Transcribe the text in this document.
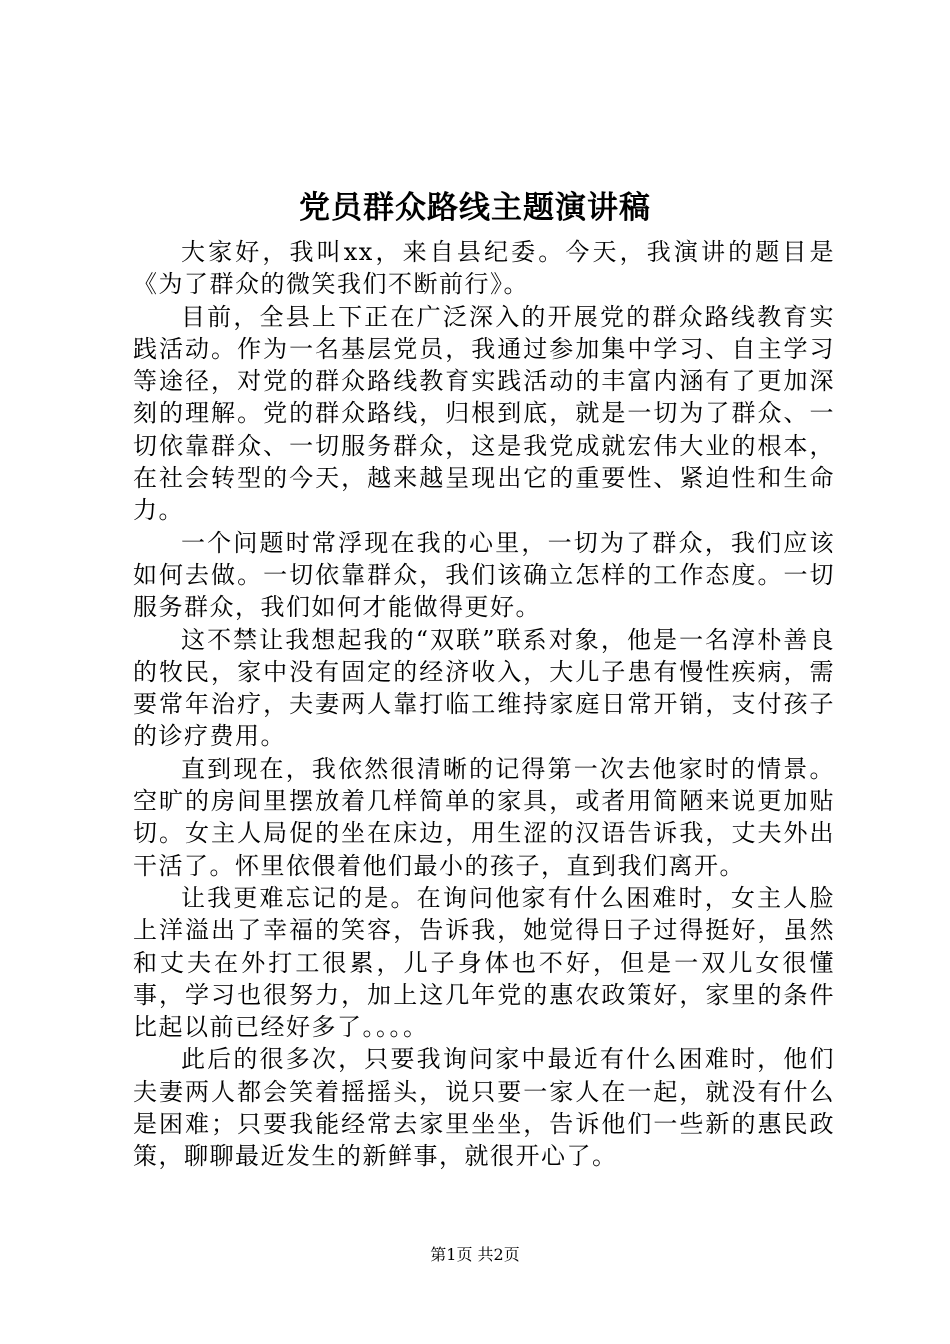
党员群众路线主题演讲稿

大家好，我叫xx，来自县纪委。今天，我演讲的题目是《为了群众的微笑我们不断前行》。

目前，全县上下正在广泛深入的开展党的群众路线教育实践活动。作为一名基层党员，我通过参加集中学习、自主学习等途径，对党的群众路线教育实践活动的丰富内涵有了更加深刻的理解。党的群众路线，归根到底，就是一切为了群众、一切依靠群众、一切服务群众，这是我党成就宏伟大业的根本，在社会转型的今天，越来越呈现出它的重要性、紧迫性和生命力。

一个问题时常浮现在我的心里，一切为了群众，我们应该如何去做。一切依靠群众，我们该确立怎样的工作态度。一切服务群众，我们如何才能做得更好。

这不禁让我想起我的“双联”联系对象，他是一名淳朴善良的牧民，家中没有固定的经济收入，大儿子患有慢性疾病，需要常年治疗，夫妻两人靠打临工维持家庭日常开销，支付孩子的诊疗费用。

直到现在，我依然很清晰的记得第一次去他家时的情景。空旷的房间里摆放着几样简单的家具，或者用简陋来说更加贴切。女主人局促的坐在床边，用生涩的汉语告诉我，丈夫外出干活了。怀里依偎着他们最小的孩子，直到我们离开。

让我更难忘记的是。在询问他家有什么困难时，女主人脸上洋溢出了幸福的笑容，告诉我，她觉得日子过得挺好，虽然和丈夫在外打工很累，儿子身体也不好，但是一双儿女很懂事，学习也很努力，加上这几年党的惠农政策好，家里的条件比起以前已经好多了。。。。

此后的很多次，只要我询问家中最近有什么困难时，他们夫妻两人都会笑着摇摇头，说只要一家人在一起，就没有什么是困难；只要我能经常去家里坐坐，告诉他们一些新的惠民政策，聊聊最近发生的新鲜事，就很开心了。

第1页 共2页
